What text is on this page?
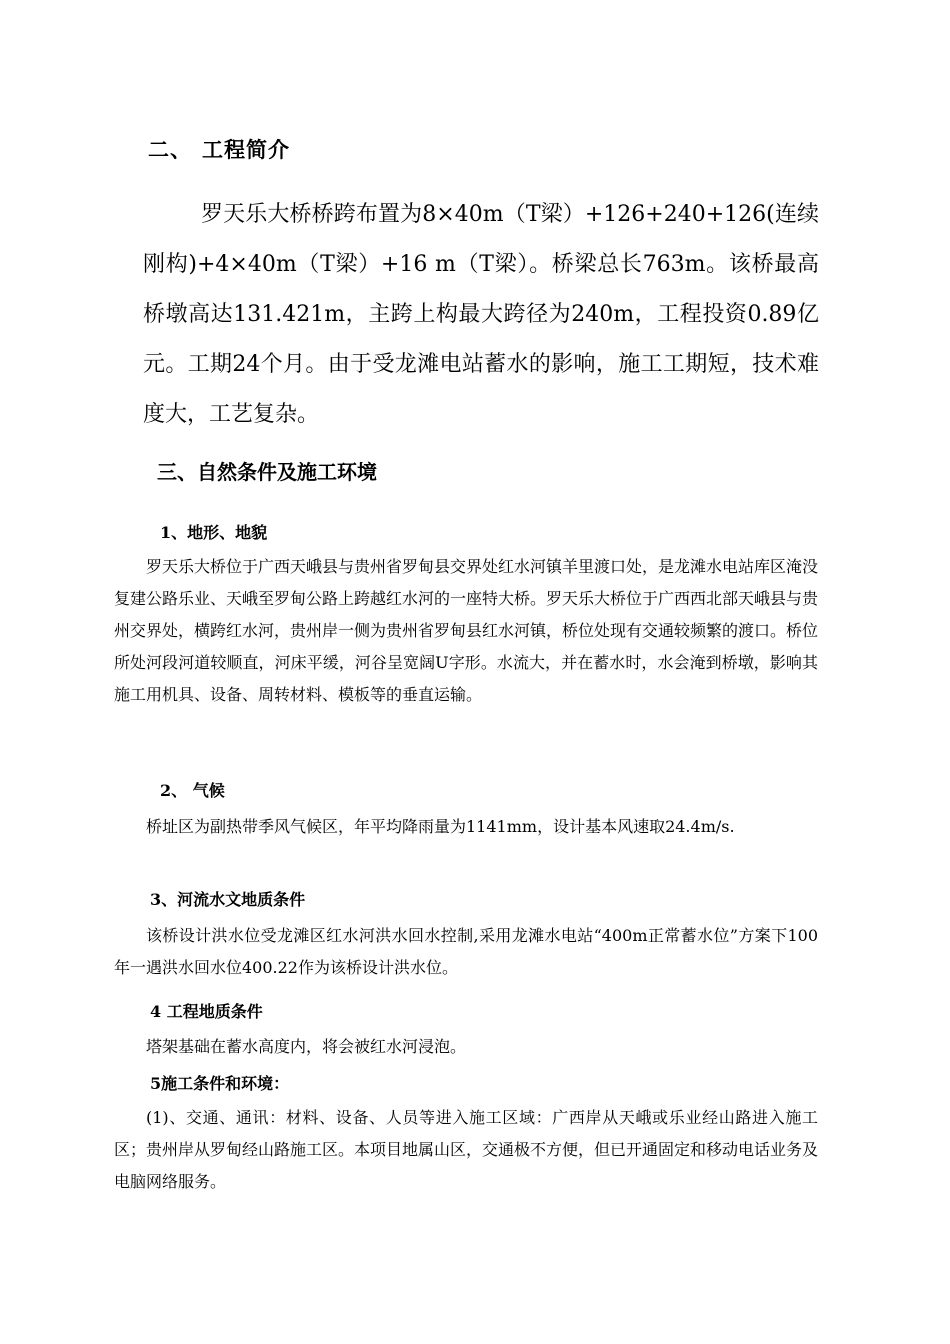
二、 工程简介

罗天乐大桥桥跨布置为8×40m（T梁）+126+240+126(连续刚构)+4×40m（T梁）+16 m（T梁）。桥梁总长763m。该桥最高桥墩高达131.421m，主跨上构最大跨径为240m，工程投资0.89亿元。工期24个月。由于受龙滩电站蓄水的影响，施工工期短，技术难度大，工艺复杂。

三、自然条件及施工环境
1、地形、地貌

罗天乐大桥位于广西天峨县与贵州省罗甸县交界处红水河镇羊里渡口处，是龙滩水电站库区淹没复建公路乐业、天峨至罗甸公路上跨越红水河的一座特大桥。罗天乐大桥位于广西西北部天峨县与贵州交界处，横跨红水河，贵州岸一侧为贵州省罗甸县红水河镇，桥位处现有交通较频繁的渡口。桥位所处河段河道较顺直，河床平缓，河谷呈宽阔U字形。水流大，并在蓄水时，水会淹到桥墩，影响其施工用机具、设备、周转材料、模板等的垂直运输。

2、 气候

桥址区为副热带季风气候区，年平均降雨量为1141mm，设计基本风速取24.4m/s.

3、河流水文地质条件

该桥设计洪水位受龙滩区红水河洪水回水控制,采用龙滩水电站“400m正常蓄水位”方案下100年一遇洪水回水位400.22作为该桥设计洪水位。

4 工程地质条件

塔架基础在蓄水高度内，将会被红水河浸泡。

5施工条件和环境：

(1)、交通、通讯：材料、设备、人员等进入施工区域：广西岸从天峨或乐业经山路进入施工区；贵州岸从罗甸经山路施工区。本项目地属山区，交通极不方便，但已开通固定和移动电话业务及电脑网络服务。
